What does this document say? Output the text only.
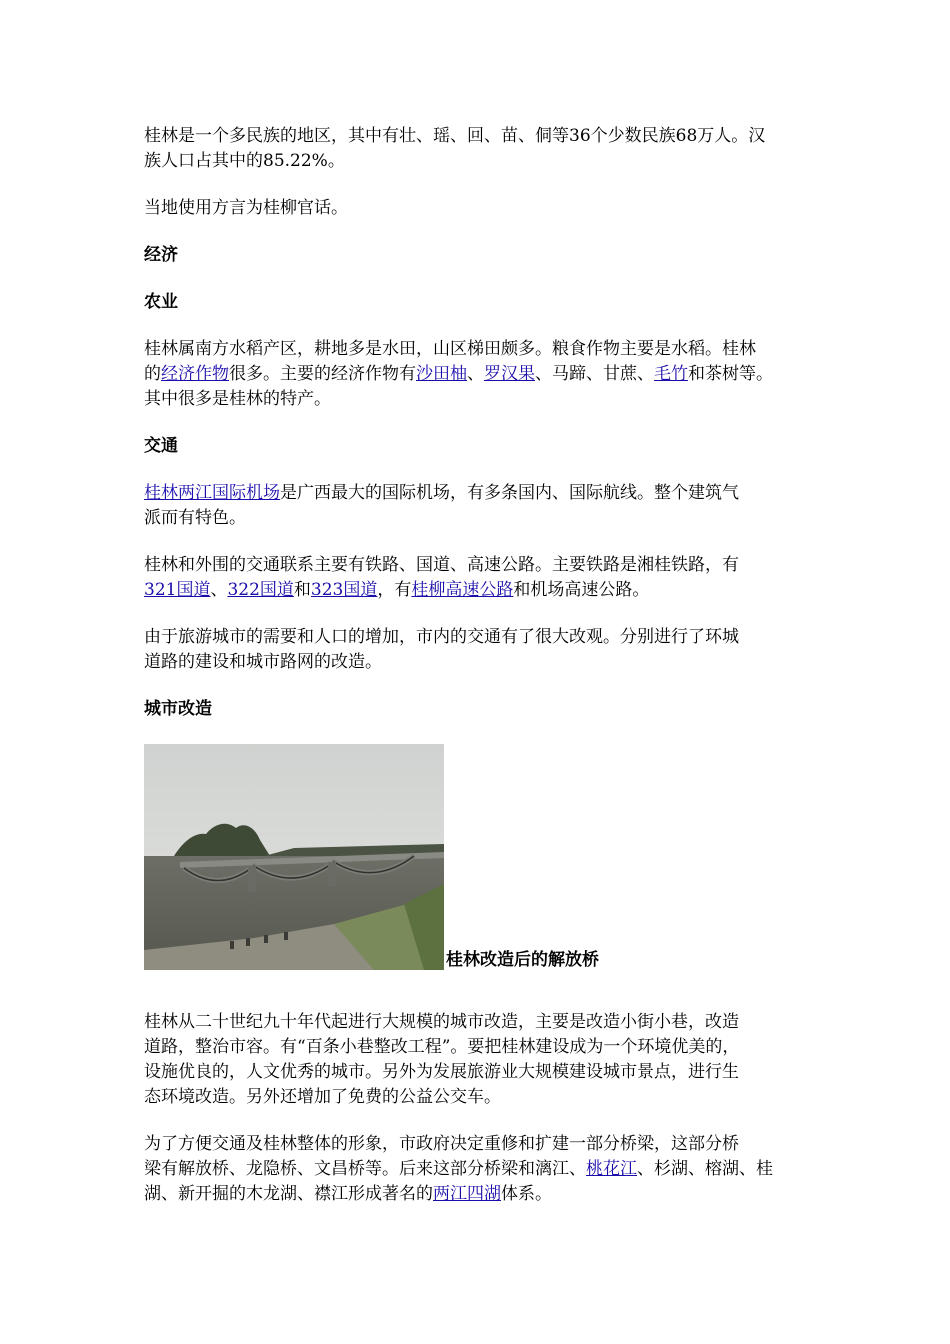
桂林是一个多民族的地区，其中有壮、瑶、回、苗、侗等36个少数民族68万人。汉
族人口占其中的85.22%。

当地使用方言为桂柳官话。

经济
农业

桂林属南方水稻产区，耕地多是水田，山区梯田颇多。粮食作物主要是水稻。桂林
的经济作物很多。主要的经济作物有沙田柚、罗汉果、马蹄、甘蔗、毛竹和茶树等。
其中很多是桂林的特产。

交通

桂林两江国际机场是广西最大的国际机场，有多条国内、国际航线。整个建筑气
派而有特色。

桂林和外围的交通联系主要有铁路、国道、高速公路。主要铁路是湘桂铁路，有
321国道、322国道和323国道，有桂柳高速公路和机场高速公路。

由于旅游城市的需要和人口的增加，市内的交通有了很大改观。分别进行了环城
道路的建设和城市路网的改造。

城市改造
桂林改造后的解放桥

桂林从二十世纪九十年代起进行大规模的城市改造，主要是改造小街小巷，改造
道路，整治市容。有“百条小巷整改工程”。要把桂林建设成为一个环境优美的，
设施优良的，人文优秀的城市。另外为发展旅游业大规模建设城市景点，进行生
态环境改造。另外还增加了免费的公益公交车。

为了方便交通及桂林整体的形象，市政府决定重修和扩建一部分桥梁，这部分桥
梁有解放桥、龙隐桥、文昌桥等。后来这部分桥梁和漓江、桃花江、杉湖、榕湖、桂
湖、新开掘的木龙湖、襟江形成著名的两江四湖体系。
